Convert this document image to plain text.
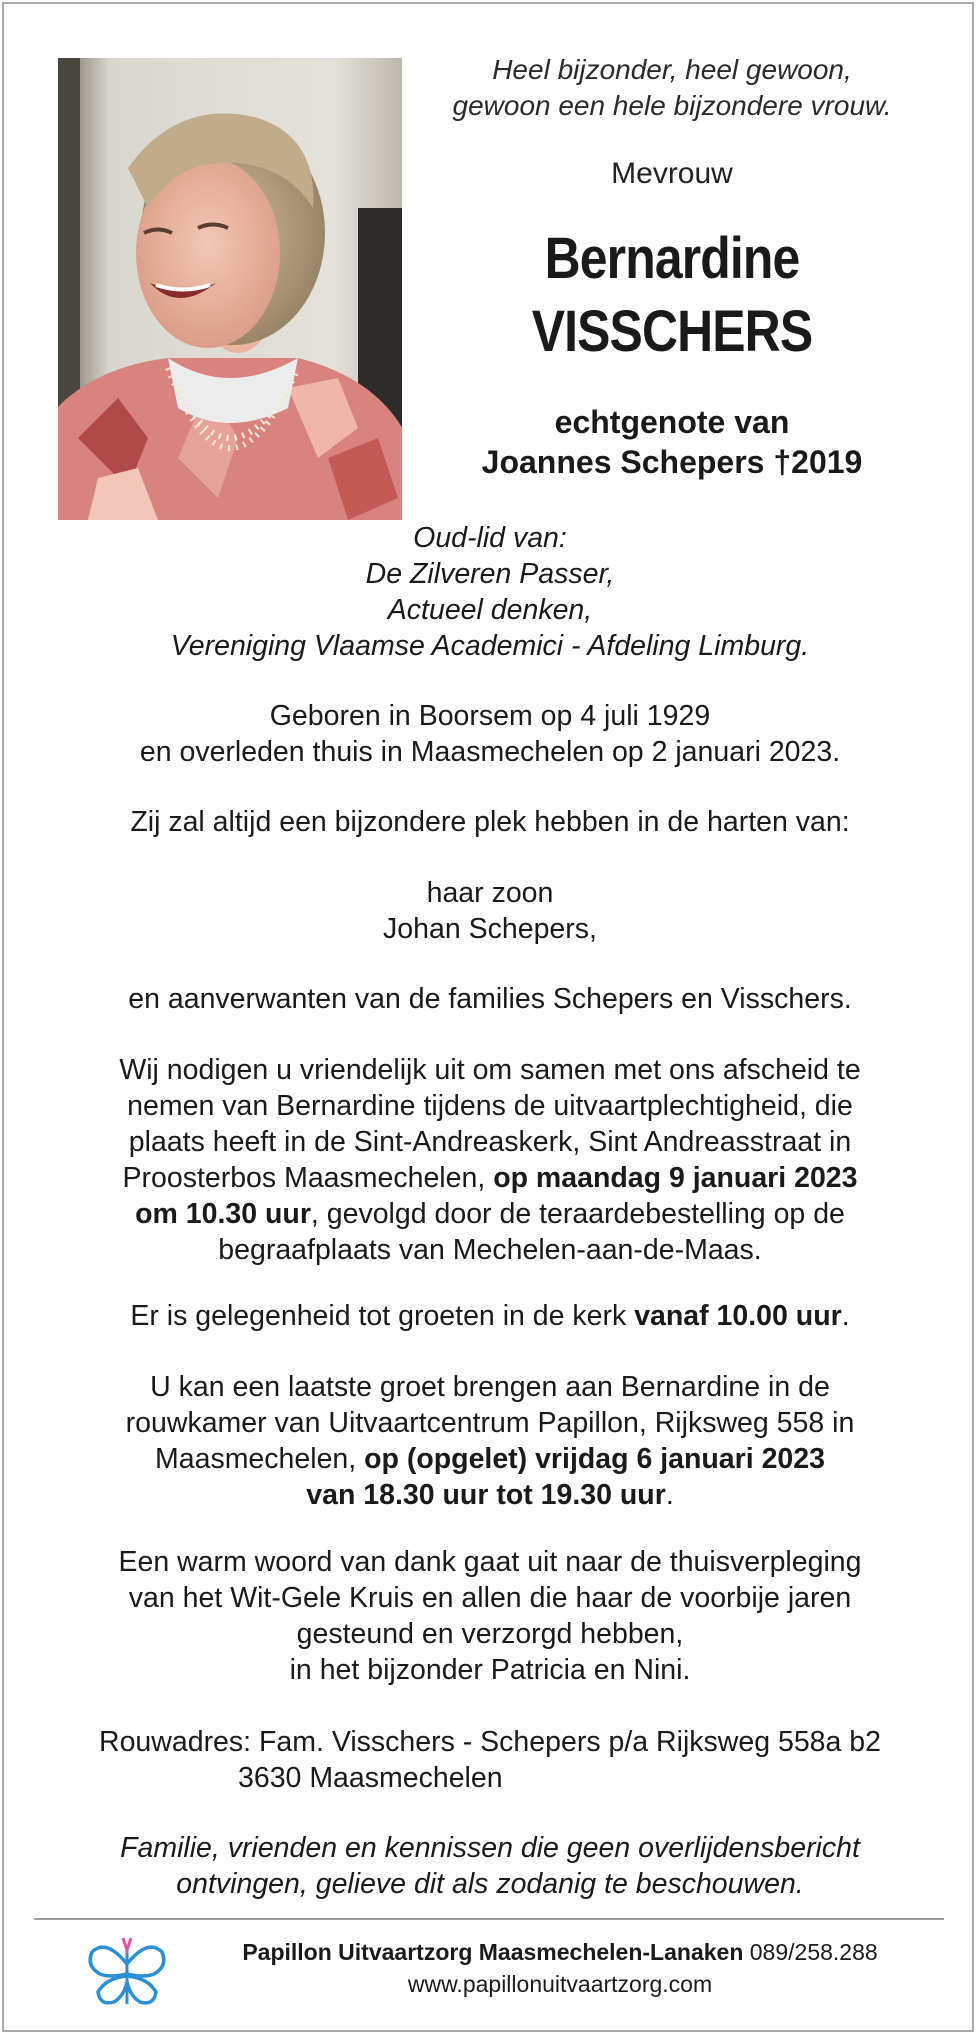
Heel bijzonder, heel gewoon,
gewoon een hele bijzondere vrouw.

Mevrouw

Bernardine
VISSCHERS

echtgenote van
Joannes Schepers †2019

Oud-lid van:
De Zilveren Passer,
Actueel denken,
Vereniging Vlaamse Academici - Afdeling Limburg.

Geboren in Boorsem op 4 juli 1929
en overleden thuis in Maasmechelen op 2 januari 2023.

Zij zal altijd een bijzondere plek hebben in de harten van:

haar zoon
Johan Schepers,

en aanverwanten van de families Schepers en Visschers.

Wij nodigen u vriendelijk uit om samen met ons afscheid te
nemen van Bernardine tijdens de uitvaartplechtigheid, die
plaats heeft in de Sint-Andreaskerk, Sint Andreasstraat in
Proosterbos Maasmechelen, op maandag 9 januari 2023
om 10.30 uur, gevolgd door de teraardebestelling op de
begraafplaats van Mechelen-aan-de-Maas.

Er is gelegenheid tot groeten in de kerk vanaf 10.00 uur.

U kan een laatste groet brengen aan Bernardine in de
rouwkamer van Uitvaartcentrum Papillon, Rijksweg 558 in
Maasmechelen, op (opgelet) vrijdag 6 januari 2023
van 18.30 uur tot 19.30 uur.

Een warm woord van dank gaat uit naar de thuisverpleging
van het Wit-Gele Kruis en allen die haar de voorbije jaren
gesteund en verzorgd hebben,
in het bijzonder Patricia en Nini.

Rouwadres: Fam. Visschers - Schepers p/a Rijksweg 558a b2
3630 Maasmechelen

Familie, vrienden en kennissen die geen overlijdensbericht
ontvingen, gelieve dit als zodanig te beschouwen.

Papillon Uitvaartzorg Maasmechelen-Lanaken 089/258.288

www.papillonuitvaartzorg.com
